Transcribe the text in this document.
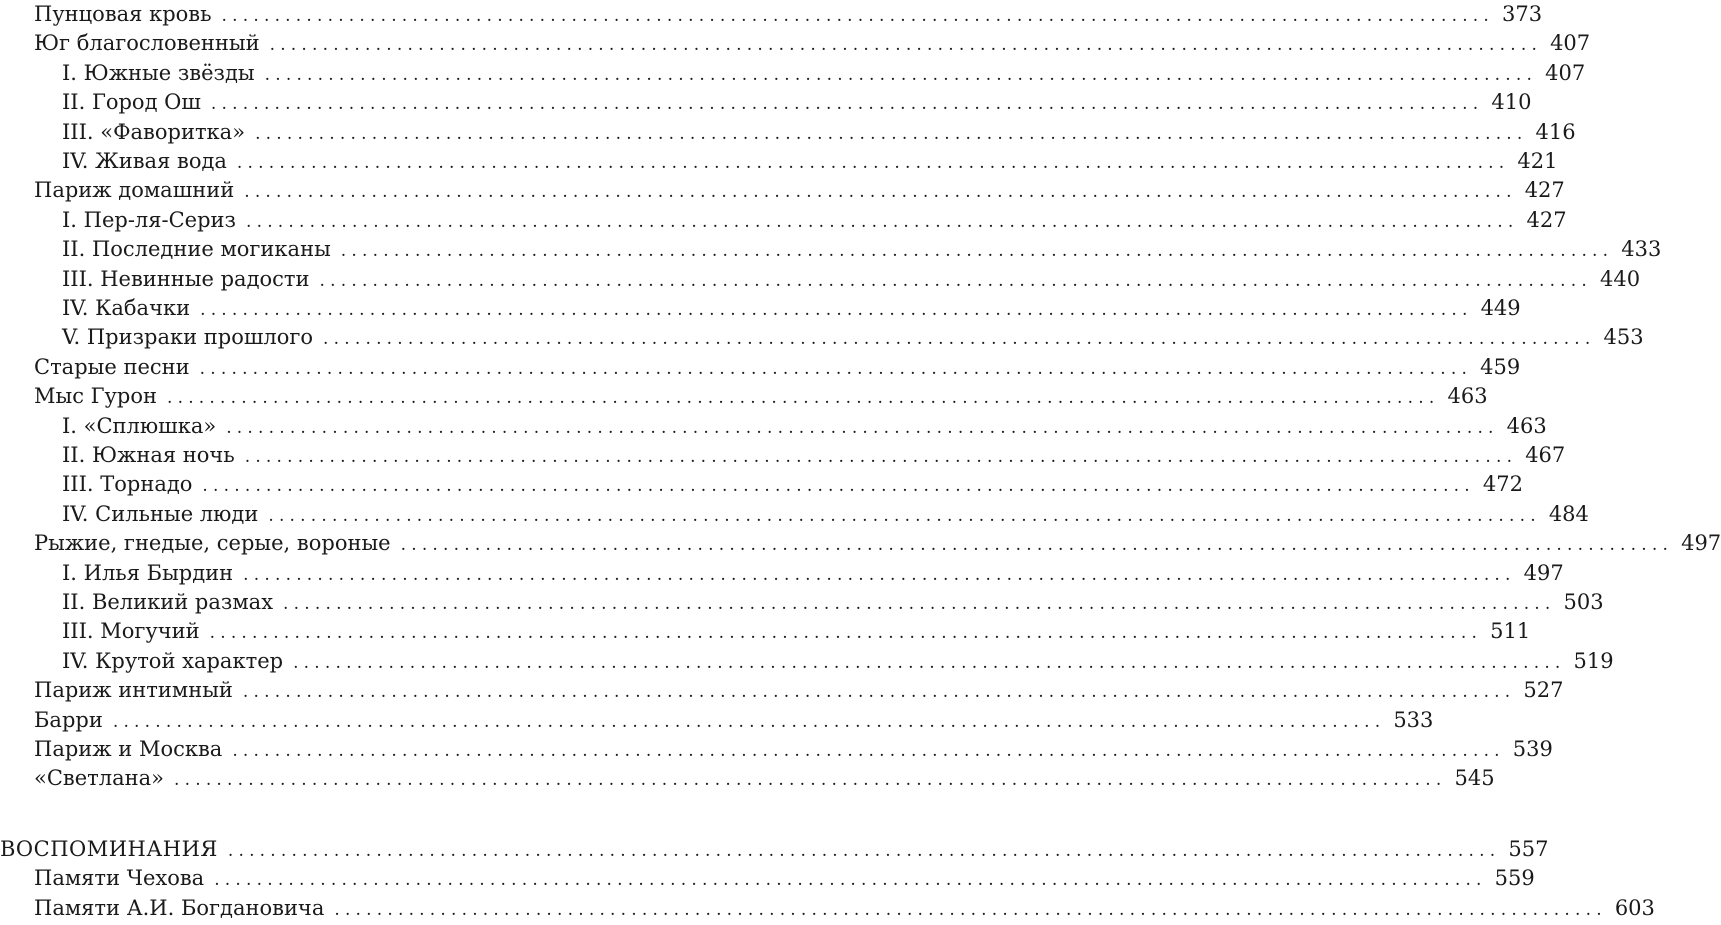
Пунцовая кровь ........................................................................................................................ 373
Юг благословенный ........................................................................................................................ 407
I. Южные звёзды ........................................................................................................................ 407
II. Город Ош ........................................................................................................................ 410
III. «Фаворитка» ........................................................................................................................ 416
IV. Живая вода ........................................................................................................................ 421
Париж домашний ........................................................................................................................ 427
I. Пер-ля-Сериз ........................................................................................................................ 427
II. Последние могиканы ........................................................................................................................ 433
III. Невинные радости ........................................................................................................................ 440
IV. Кабачки ........................................................................................................................ 449
V. Призраки прошлого ........................................................................................................................ 453
Старые песни ........................................................................................................................ 459
Мыс Гурон ........................................................................................................................ 463
I. «Сплюшка» ........................................................................................................................ 463
II. Южная ночь ........................................................................................................................ 467
III. Торнадо ........................................................................................................................ 472
IV. Сильные люди ........................................................................................................................ 484
Рыжие, гнедые, серые, вороные ........................................................................................................................ 497
I. Илья Бырдин ........................................................................................................................ 497
II. Великий размах ........................................................................................................................ 503
III. Могучий ........................................................................................................................ 511
IV. Крутой характер ........................................................................................................................ 519
Париж интимный ........................................................................................................................ 527
Барри ........................................................................................................................ 533
Париж и Москва ........................................................................................................................ 539
«Светлана» ........................................................................................................................ 545
ВОСПОМИНАНИЯ ........................................................................................................................ 557
Памяти Чехова ........................................................................................................................ 559
Памяти А.И. Богдановича ........................................................................................................................ 603
